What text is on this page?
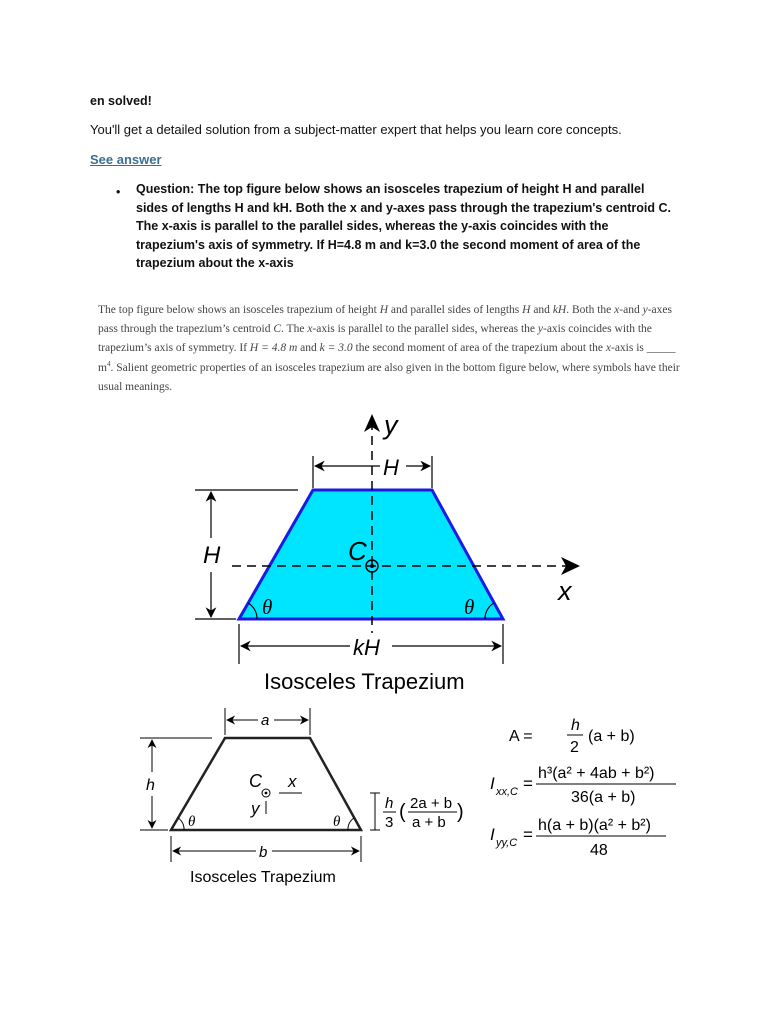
en solved!

You'll get a detailed solution from a subject-matter expert that helps you learn core concepts.

See answer
• Question: The top figure below shows an isosceles trapezium of height H and parallel sides of lengths H and kH. Both the x and y-axes pass through the trapezium's centroid C. The x-axis is parallel to the parallel sides, whereas the y-axis coincides with the trapezium's axis of symmetry. If H=4.8 m and k=3.0 the second moment of area of the trapezium about the x-axis

The top figure below shows an isosceles trapezium of height H and parallel sides of lengths H and kH. Both the x-and y-axes pass through the trapezium’s centroid C. The x-axis is parallel to the parallel sides, whereas the y-axis coincides with the trapezium’s axis of symmetry. If H = 4.8 m and k = 3.0 the second moment of area of the trapezium about the x-axis is _____ $m^4$. Salient geometric properties of an isosceles trapezium are also given in the bottom figure below, where symbols have their usual meanings.

y
x
C
H
H
θ	θ
kH
Isosceles Trapezium
a
h	C x
y
θ	θ
b
Isosceles Trapezium
h
3 ( 2a + b
a + b )
A =
h
2
(a + b)
I xx,C =
h³(a² + 4ab + b²)
36(a + b)
I yy,C = h(a + b)(a² + b²)
48
